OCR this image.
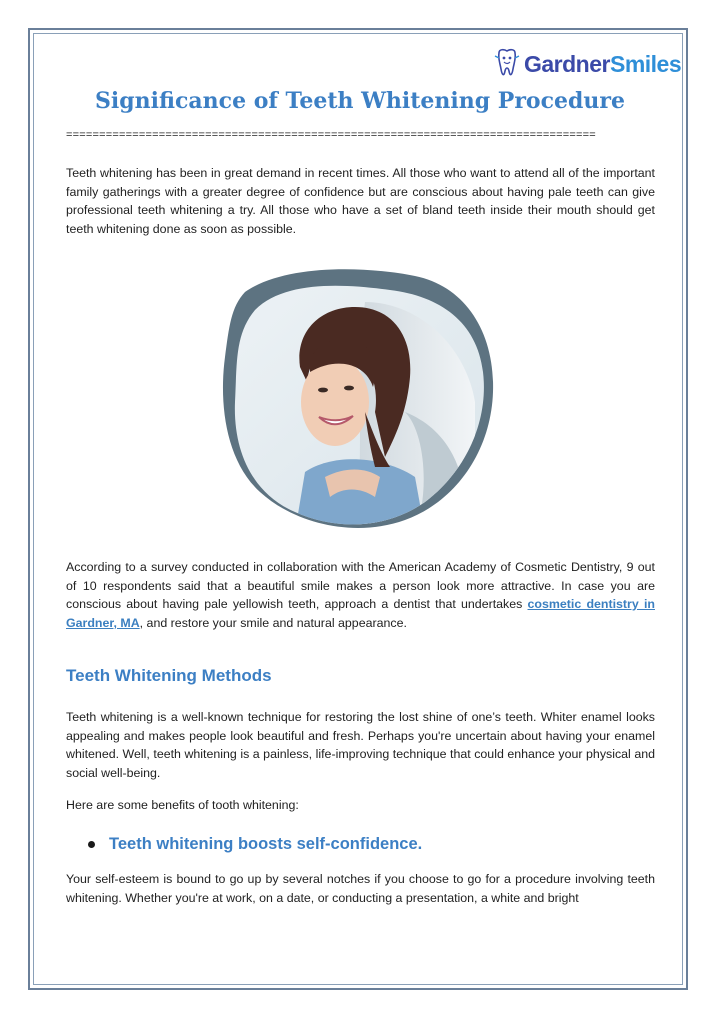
GardnerSmiles
Significance of Teeth Whitening Procedure
================================================================================

Teeth whitening has been in great demand in recent times. All those who want to attend all of the important family gatherings with a greater degree of confidence but are conscious about having pale teeth can give professional teeth whitening a try. All those who have a set of bland teeth inside their mouth should get teeth whitening done as soon as possible.

According to a survey conducted in collaboration with the American Academy of Cosmetic Dentistry, 9 out of 10 respondents said that a beautiful smile makes a person look more attractive. In case you are conscious about having pale yellowish teeth, approach a dentist that undertakes cosmetic dentistry in Gardner, MA, and restore your smile and natural appearance.

Teeth Whitening Methods

Teeth whitening is a well-known technique for restoring the lost shine of one’s teeth. Whiter enamel looks appealing and makes people look beautiful and fresh. Perhaps you're uncertain about having your enamel whitened. Well, teeth whitening is a painless, life-improving technique that could enhance your physical and social well-being.

Here are some benefits of tooth whitening:

Teeth whitening boosts self-confidence.

Your self-esteem is bound to go up by several notches if you choose to go for a procedure involving teeth whitening. Whether you're at work, on a date, or conducting a presentation, a white and bright
